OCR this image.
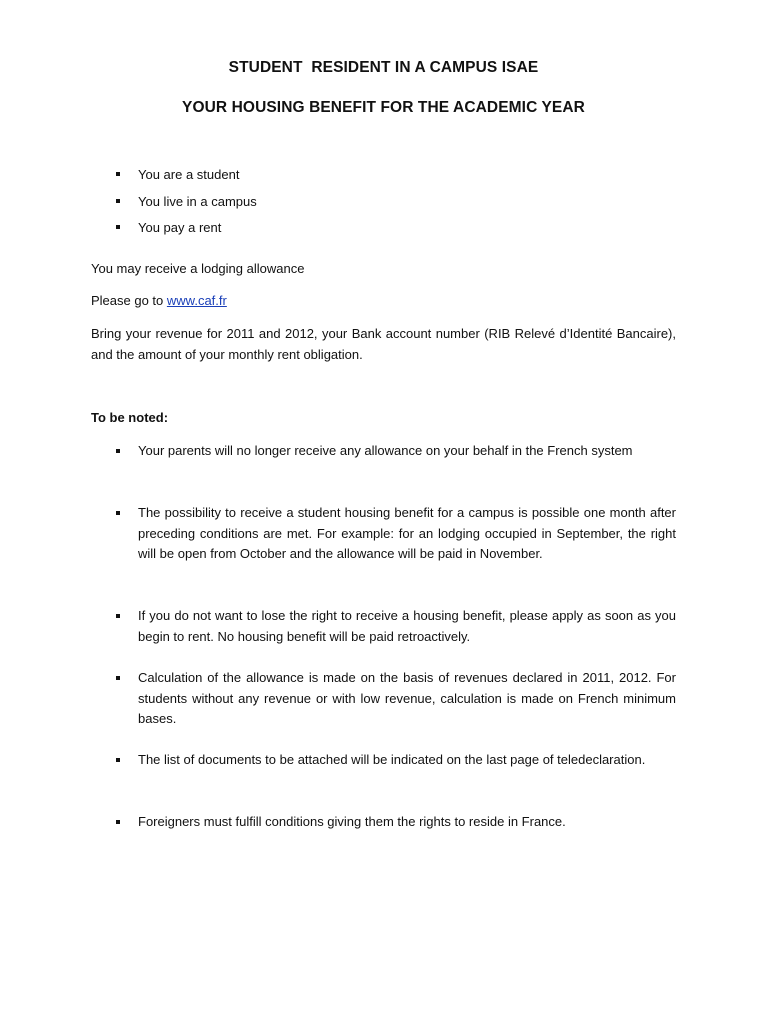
STUDENT  RESIDENT IN A CAMPUS ISAE
YOUR HOUSING BENEFIT FOR THE ACADEMIC YEAR
You are a student
You live in a campus
You pay a rent

You may receive a lodging allowance

Please go to www.caf.fr

Bring your revenue for 2011 and 2012, your Bank account number (RIB Relevé d’Identité Bancaire), and the amount of your monthly rent obligation.

To be noted:
Your parents will no longer receive any allowance on your behalf in the French system
The possibility to receive a student housing benefit for a campus is possible one month after preceding conditions are met. For example: for an lodging occupied in September, the right will be open from October and the allowance will be paid in November.
If you do not want to lose the right to receive a housing benefit, please apply as soon as you begin to rent. No housing benefit will be paid retroactively.
Calculation of the allowance is made on the basis of revenues declared in 2011, 2012. For students without any revenue or with low revenue, calculation is made on French minimum bases.
The list of documents to be attached will be indicated on the last page of teledeclaration.
Foreigners must fulfill conditions giving them the rights to reside in France.
